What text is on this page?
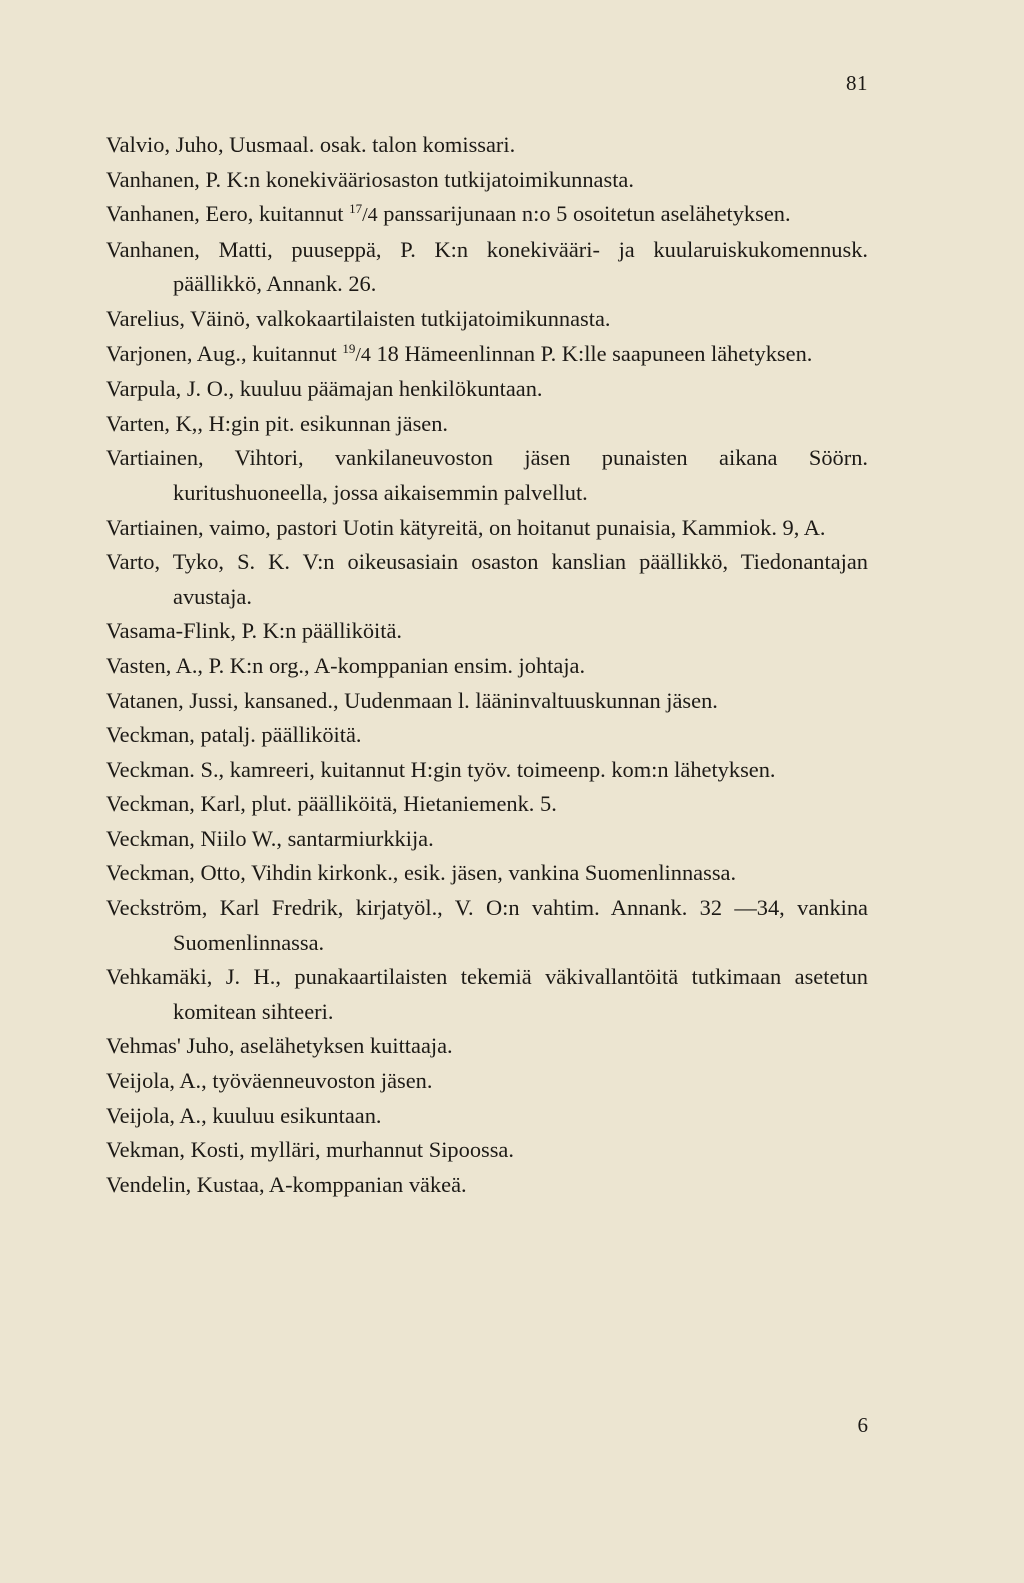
81
Valvio, Juho, Uusmaal. osak. talon komissari.
Vanhanen, P. K:n konekivääriosaston tutkijatoimikunnasta.
Vanhanen, Eero, kuitannut $^{17}$/4 panssarijunaan n:o 5 osoitetun aselähetyksen.
Vanhanen, Matti, puuseppä, P. K:n konekivääri- ja kuularuiskukomennusk. päällikkö, Annank. 26.
Varelius, Väinö, valkokaartilaisten tutkijatoimikunnasta.
Varjonen, Aug., kuitannut $^{19}$/4 18 Hämeenlinnan P. K:lle saapuneen lähetyksen.
Varpula, J. O., kuuluu päämajan henkilökuntaan.
Varten, K,, H:gin pit. esikunnan jäsen.
Vartiainen, Vihtori, vankilaneuvoston jäsen punaisten aikana Söörn. kuritushuoneella, jossa aikaisemmin palvellut.
Vartiainen, vaimo, pastori Uotin kätyreitä, on hoitanut punaisia, Kammiok. 9, A.
Varto, Tyko, S. K. V:n oikeusasiain osaston kanslian päällikkö, Tiedonantajan avustaja.
Vasama-Flink, P. K:n päälliköitä.
Vasten, A., P. K:n org., A-komppanian ensim. johtaja.
Vatanen, Jussi, kansaned., Uudenmaan l. lääninvaltuuskunnan jäsen.
Veckman, patalj. päälliköitä.
Veckman. S., kamreeri, kuitannut H:gin työv. toimeenp. kom:n lähetyksen.
Veckman, Karl, plut. päälliköitä, Hietaniemenk. 5.
Veckman, Niilo W., santarmiurkkija.
Veckman, Otto, Vihdin kirkonk., esik. jäsen, vankina Suomenlinnassa.
Veckström, Karl Fredrik, kirjatyöl., V. O:n vahtim. Annank. 32 —34, vankina Suomenlinnassa.
Vehkamäki, J. H., punakaartilaisten tekemiä väkivallantöitä tutkimaan asetetun komitean sihteeri.
Vehmas' Juho, aselähetyksen kuittaaja.
Veijola, A., työväenneuvoston jäsen.
Veijola, A., kuuluu esikuntaan.
Vekman, Kosti, mylläri, murhannut Sipoossa.
Vendelin, Kustaa, A-komppanian väkeä.
6
